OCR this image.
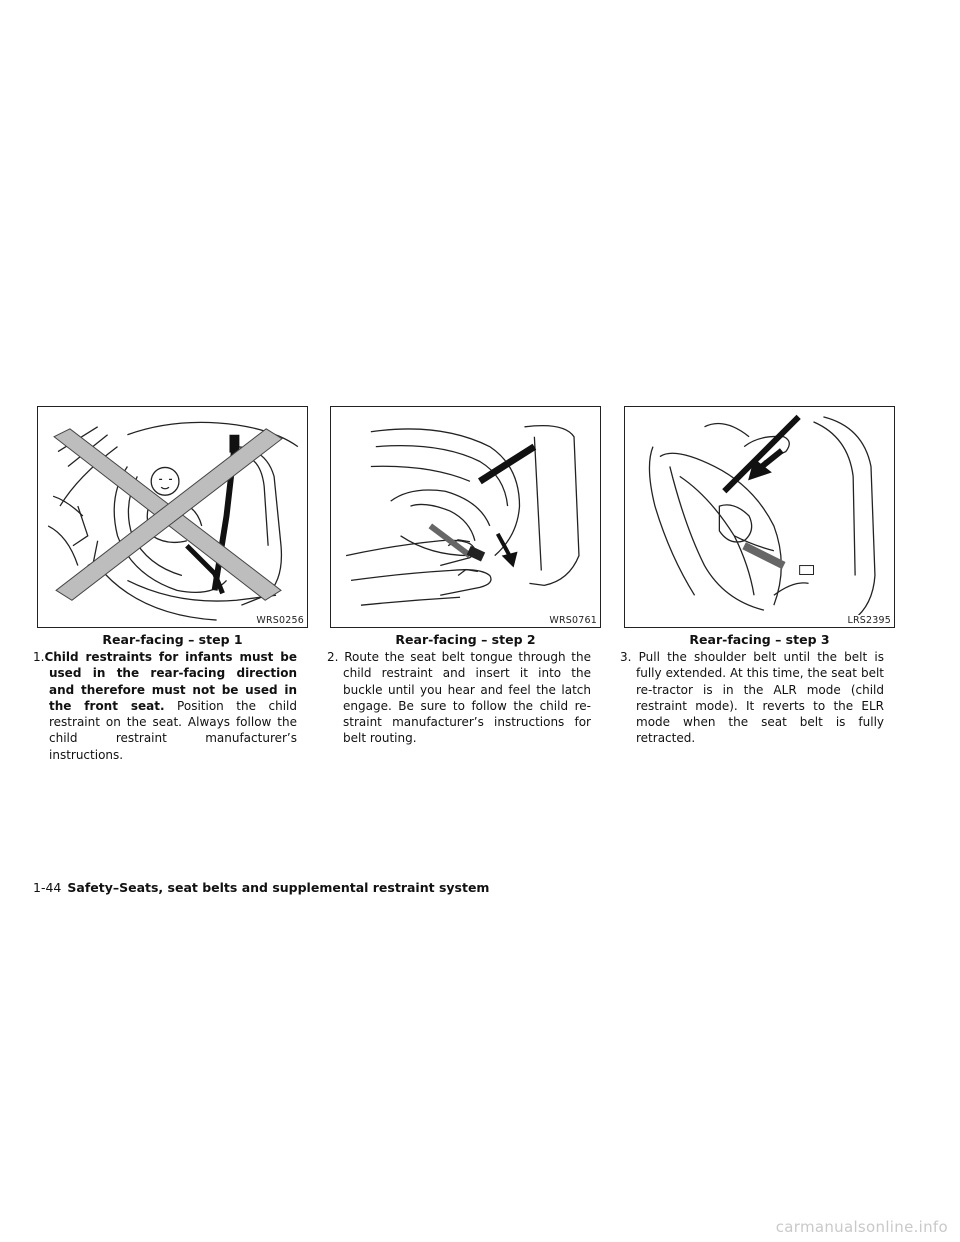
WRS0256
Rear-facing – step 1
WRS0761
Rear-facing – step 2
LRS2395
Rear-facing – step 3
1.Child restraints for infants must be used in the rear-facing direction and therefore must not be used in the front seat. Position the child restraint on the seat. Always follow the child restraint manufacturer’s instructions.
2. Route the seat belt tongue through the child restraint and insert it into the buckle until you hear and feel the latch engage. Be sure to follow the child re-straint manufacturer’s instructions for belt routing.
3. Pull the shoulder belt until the belt is fully extended. At this time, the seat belt re-tractor is in the ALR mode (child restraint mode). It reverts to the ELR mode when the seat belt is fully retracted.
1-44 Safety–Seats, seat belts and supplemental restraint system
carmanualsonline.info
